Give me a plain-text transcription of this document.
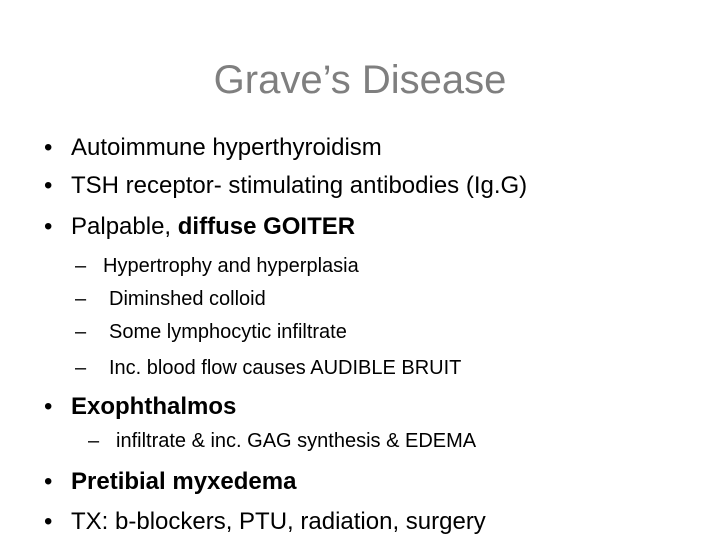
Grave’s Disease
• Autoimmune hyperthyroidism
• TSH receptor- stimulating antibodies (Ig.G)
• Palpable, diffuse GOITER
– Hypertrophy and hyperplasia
– Diminshed colloid
– Some lymphocytic infiltrate
– Inc. blood flow causes AUDIBLE BRUIT
• Exophthalmos
– infiltrate & inc. GAG synthesis & EDEMA
• Pretibial myxedema
• TX: b-blockers, PTU, radiation, surgery
